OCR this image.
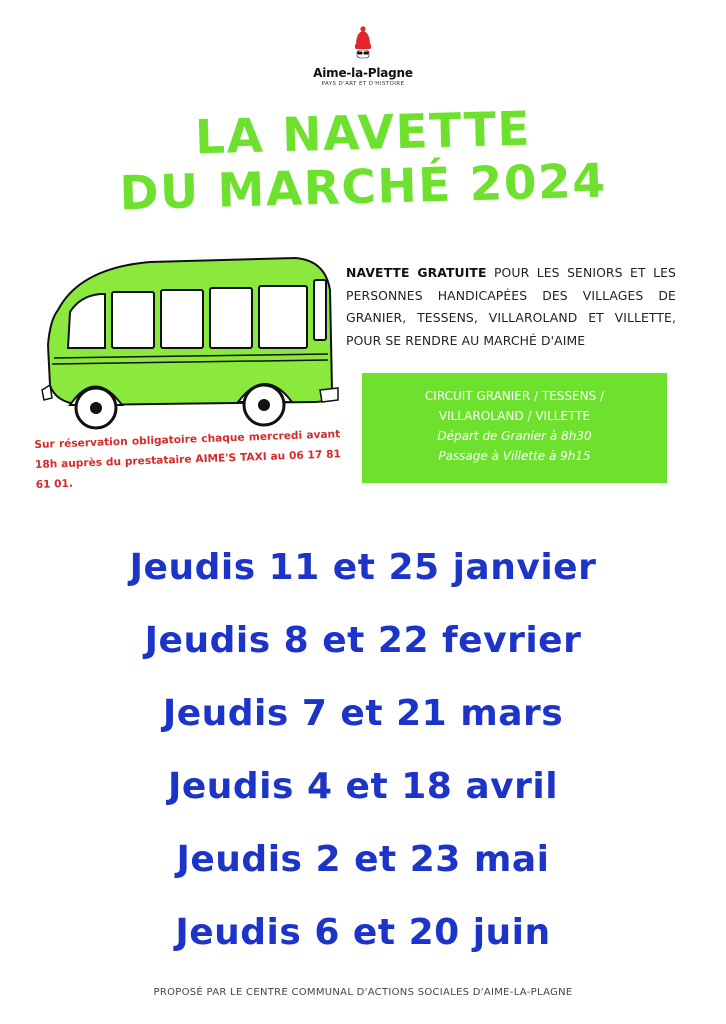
Aime-la-Plagne
PAYS D'ART ET D'HISTOIRE
LA NAVETTE
DU MARCHÉ 2024
NAVETTE GRATUITE POUR LES SENIORS ET LES PERSONNES HANDICAPÉES DES VILLAGES DE GRANIER, TESSENS, VILLAROLAND ET VILLETTE, POUR SE RENDRE AU MARCHÉ D'AIME
CIRCUIT GRANIER / TESSENS /
VILLAROLAND / VILLETTE
Départ de Granier à 8h30
Passage à Villette à 9h15
Sur réservation obligatoire chaque mercredi avant 18h auprès du prestataire AIME'S TAXI au 06 17 81 61 01.
Jeudis 11 et 25 janvier
Jeudis 8 et 22 fevrier
Jeudis 7 et 21 mars
Jeudis 4 et 18 avril
Jeudis 2 et 23 mai
Jeudis 6 et 20 juin
PROPOSÉ PAR LE CENTRE COMMUNAL D'ACTIONS SOCIALES D'AIME-LA-PLAGNE
